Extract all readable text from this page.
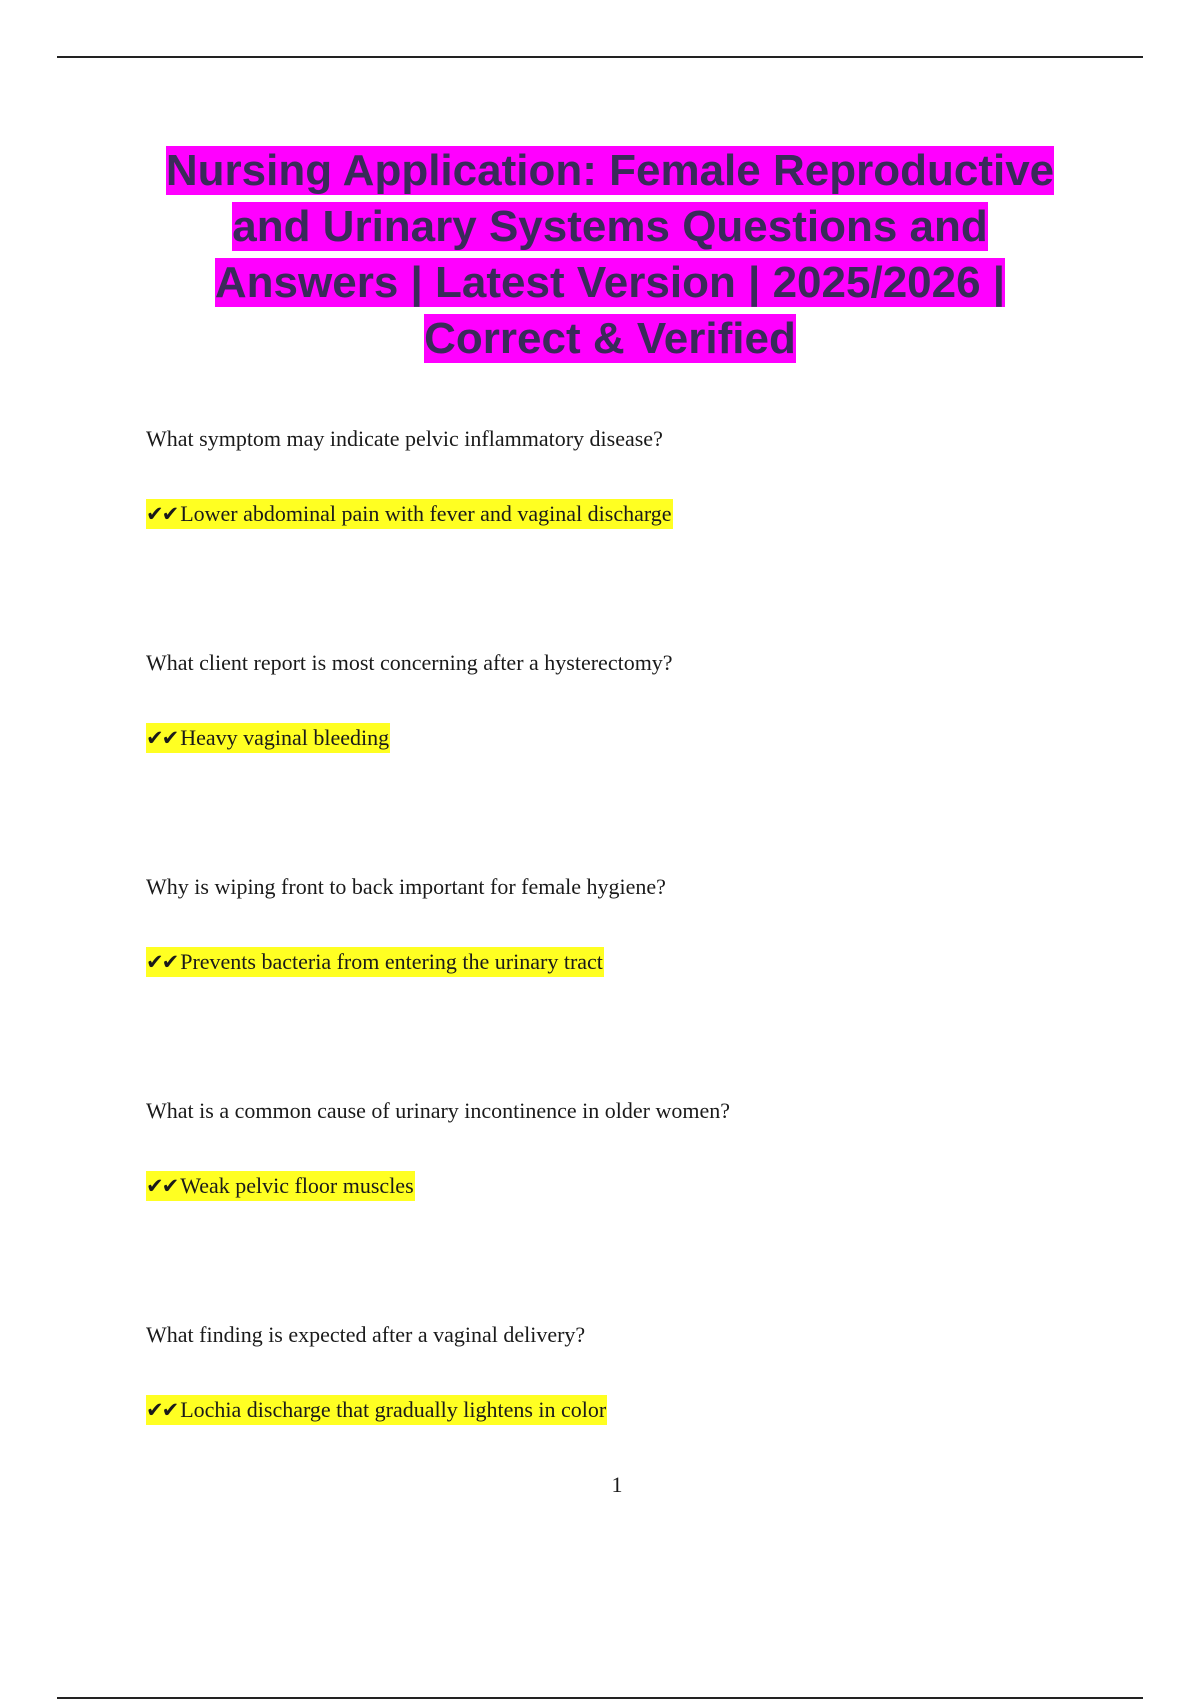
Nursing Application: Female Reproductive and Urinary Systems Questions and Answers | Latest Version | 2025/2026 | Correct & Verified

What symptom may indicate pelvic inflammatory disease?

✔✔ Lower abdominal pain with fever and vaginal discharge

What client report is most concerning after a hysterectomy?

✔✔ Heavy vaginal bleeding

Why is wiping front to back important for female hygiene?

✔✔ Prevents bacteria from entering the urinary tract

What is a common cause of urinary incontinence in older women?

✔✔ Weak pelvic floor muscles

What finding is expected after a vaginal delivery?

✔✔ Lochia discharge that gradually lightens in color
1
